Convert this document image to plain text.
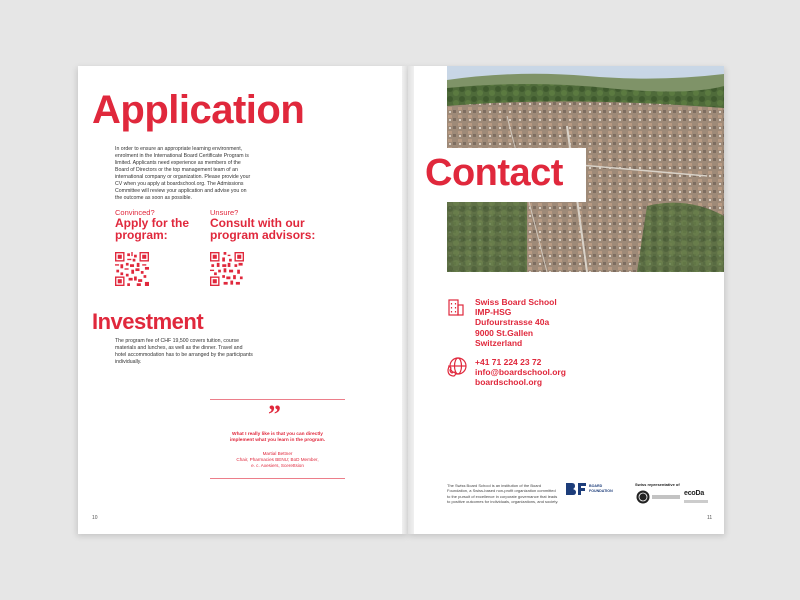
Application
In order to ensure an appropriate learning environment, enrolment in the International Board Certificate Program is limited. Applicants need experience as members of the Board of Directors or the top management team of an international company or organization. Please provide your CV when you apply at boardschool.org. The Admissions Committee will review your application and advise you on the outcome as soon as possible.
Convinced?
Apply for the
program:
Unsure?
Consult with our
program advisors:
Investment
The program fee of CHF 19,500 covers tuition, course materials and lunches, as well as the dinner. Travel and hotel accommodation has to be arranged by the participants individually.
”
What I really like is that you can directly
implement what you learn in the program.
Martial Bettner
Chair, Pharmacies BENU; BoD Member,
e. c. Axesiers, Scerettsion
10
Contact
Swiss Board School
IMP-HSG
Dufourstrasse 40a
9000 St.Gallen
Switzerland
+41 71 224 23 72
info@boardschool.org
boardschool.org
The Swiss Board School is an institution of the Board Foundation, a Swiss-based non-profit organization committed to the pursuit of excellence in corporate governance that leads to positive outcomes for individuals, organizations, and society.
BOARD
FOUNDATION
Swiss representative of
ecoDa
11
